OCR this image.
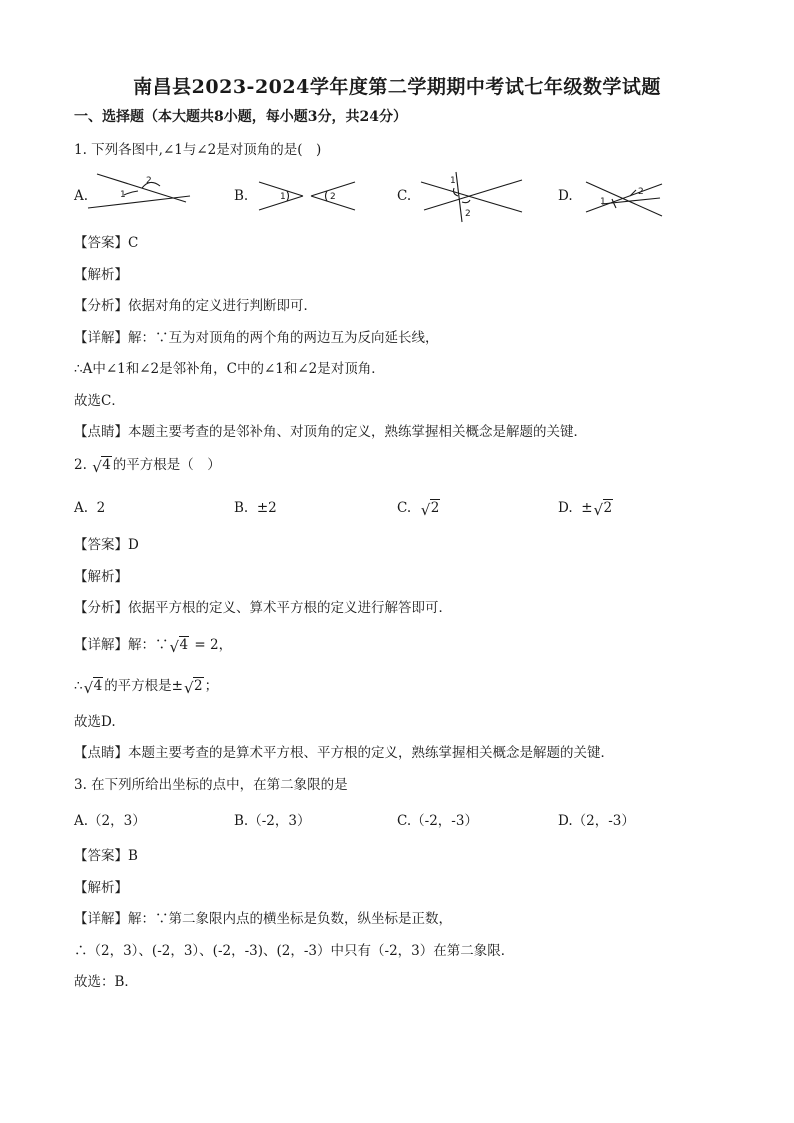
南昌县2023-2024学年度第二学期期中考试七年级数学试题
一、选择题（本大题共8小题，每小题3分，共24分）
1. 下列各图中,∠1与∠2是对顶角的是(　)
A.	1
2
B.	1	2	C.
1
2
D.	1
2
【答案】C
【解析】
【分析】依据对角的定义进行判断即可．
【详解】解：∵互为对顶角的两个角的两边互为反向延长线，
∴A中∠1和∠2是邻补角，C中的∠1和∠2是对顶角．
故选C．
【点睛】本题主要考查的是邻补角、对顶角的定义，熟练掌握相关概念是解题的关键．
2. √ 4 的平方根是（　）
A. 2	B. ±2	C. √ 2	D. ± √ 2
【答案】D
【解析】
【分析】依据平方根的定义、算术平方根的定义进行解答即可．
【详解】解：∵ √ 4 = 2，
∴ √ 4 的平方根是± √ 2 ；
故选D.
【点睛】本题主要考查的是算术平方根、平方根的定义，熟练掌握相关概念是解题的关键．
3. 在下列所给出坐标的点中，在第二象限的是
A.（2，3）	B.（-2，3）	C.（-2，-3）	D.（2，-3）
【答案】B
【解析】
【详解】解：∵第二象限内点的横坐标是负数，纵坐标是正数，
∴（2，3）、(-2，3）、(-2，-3)、(2，-3）中只有（-2，3）在第二象限．
故选：B．
